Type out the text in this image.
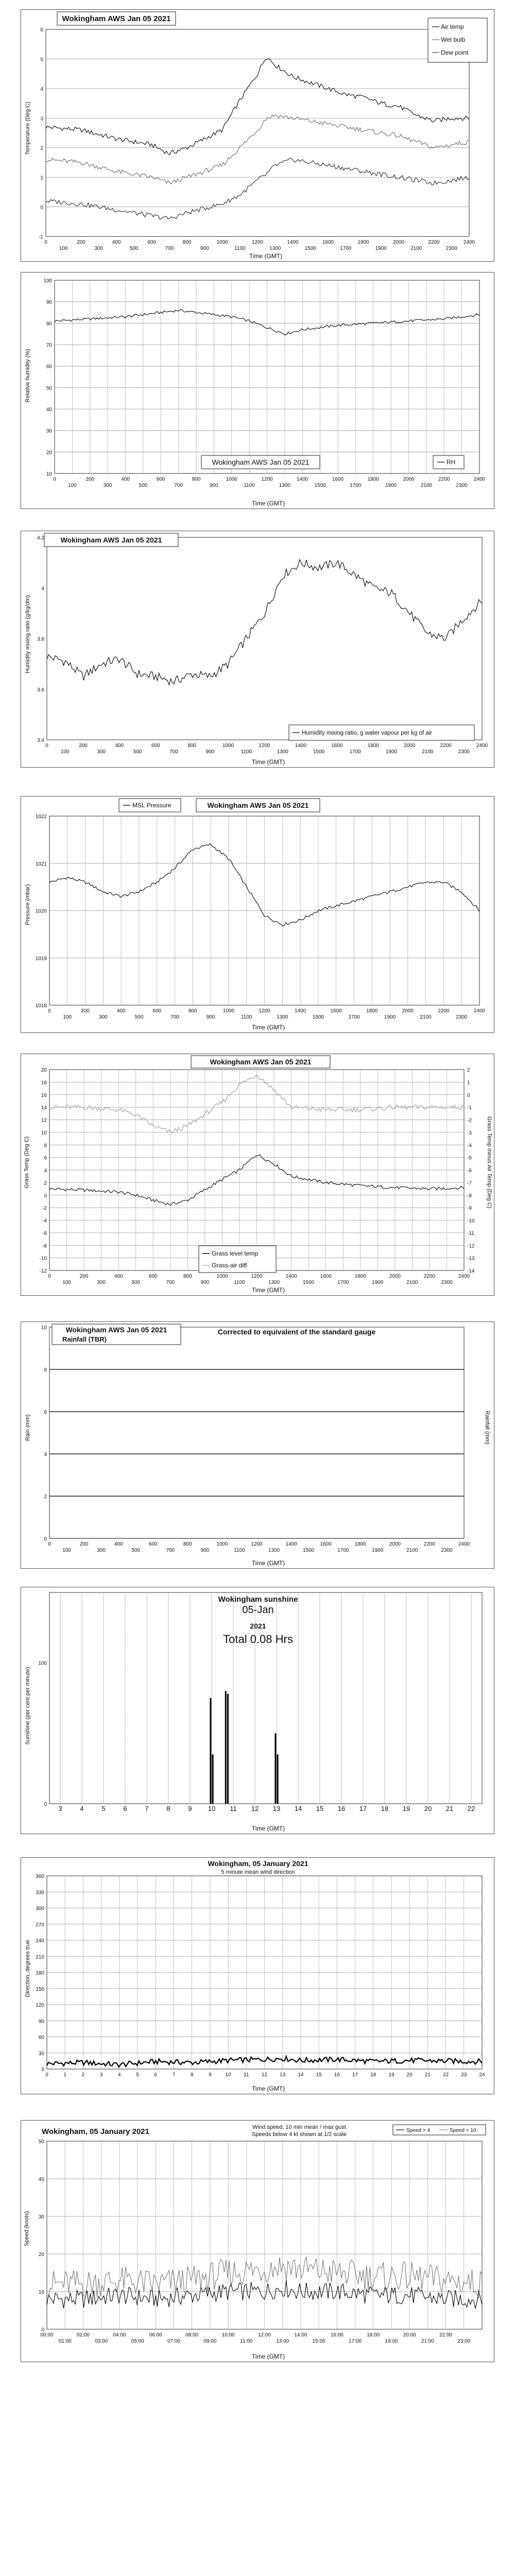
0
100
200
300
400
500
600
700
800
900
1000
1100
1200
1300
1400
1500
1600
1700
1800
1900
2000
2100
2200
2300
2400
-1
0
1
2
3
4
5
6
Wokingham AWS Jan 05 2021
Air temp
Wet bulb
Dew point
Temperature (Deg C)
Time (GMT)
0
100
200
300
400
500
600
700
800
900
1000
1100
1200
1300
1400
1500
1600
1700
1800
1900
2000
2100
2200
2300
2400
10
20
30
40
50
60
70
80
90
100
Wokingham AWS Jan 05 2021	RH
Relative humidity (%)
Time (GMT)
0
100
200
300
400
500
600
700
800
900
1000
1100
1200
1300
1400
1500
1600
1700
1800
1900
2000
2100
2200
2300
2400
3.4
3.6
3.8
4
4.2 Wokingham AWS Jan 05 2021
Humidity mixing ratio, g water vapour per kg of air
Humidity mixing ratio (g/kg/dm)
Time (GMT)
0
100
200
300
400
500
600
700
800
900
1000
1100
1200
1300
1400
1500
1600
1700
1800
1900
2000
2100
2200
2300
2400
1018
1019
1020
1021
1022
Wokingham AWS Jan 05 2021
MSL Pressure
Pressure (mbar)
Time (GMT)
0
100
200
300
400
500
600
700
800
900
1000
1100
1200
1300
1400
1500
1600
1700
1800
1900
2000
2100
2200
2300
2400
-12
-10
-8
-6
-4
-2
0
2
4
6
8
10
12
14
16
18
20
-14
-13
-12
-11
-10
-9
-8
-7
-6
-5
-4
-3
-2
-1
0
1
2
Wokingham AWS Jan 05 2021
Grass level temp
Grass-air diff
Grass Temp (Deg C)	Grass Temp minus Air Temp (Deg C)
Time (GMT)
0
100
200
300
400
500
600
700
800
900
1000
1100
1200
1300
1400
1500
1600
1700
1800
1900
2000
2100
2200
2300
2400
0
2
4
6
8
10	Wokingham AWS Jan 05 2021
Rainfall (TBR)
Corrected to equivalent of the standard gauge
Rain (mm)	Rainfall (mm)
Time (GMT)
3	4	5	6	7	8	9 10 11 12 13 14 15 16 17 18 19 20 21 22
0
100
Wokingham sunshine
05-Jan
2021
Total 0.08 Hrs
Sunshine (per cent per minute)
Time (GMT)
0	1	2	3	4	5	6	7	8	9	10 11 12 13 14 15 16 17 18 19 20 21 22 23 24
0
30
60
90
120
150
180
210
240
270
300
330
360
Wokingham, 05 January 2021
5 minute mean wind direction
Direction, degrees true
Time (GMT)
00:00
01:00
02:00
03:00
04:00
05:00
06:00
07:00
08:00
09:00
10:00
11:00
12:00
13:00
14:00
15:00
16:00
17:00
18:00
19:00
20:00
21:00
22:00
23:00
0
10
20
30
40
50
Wokingham, 05 January 2021	Wind speed, 10 min mean / max gust
Speeds below 4 kt shown at 1/2 scale
Speed > 4	Speed < 10
Speed (knots)
Time (GMT)
